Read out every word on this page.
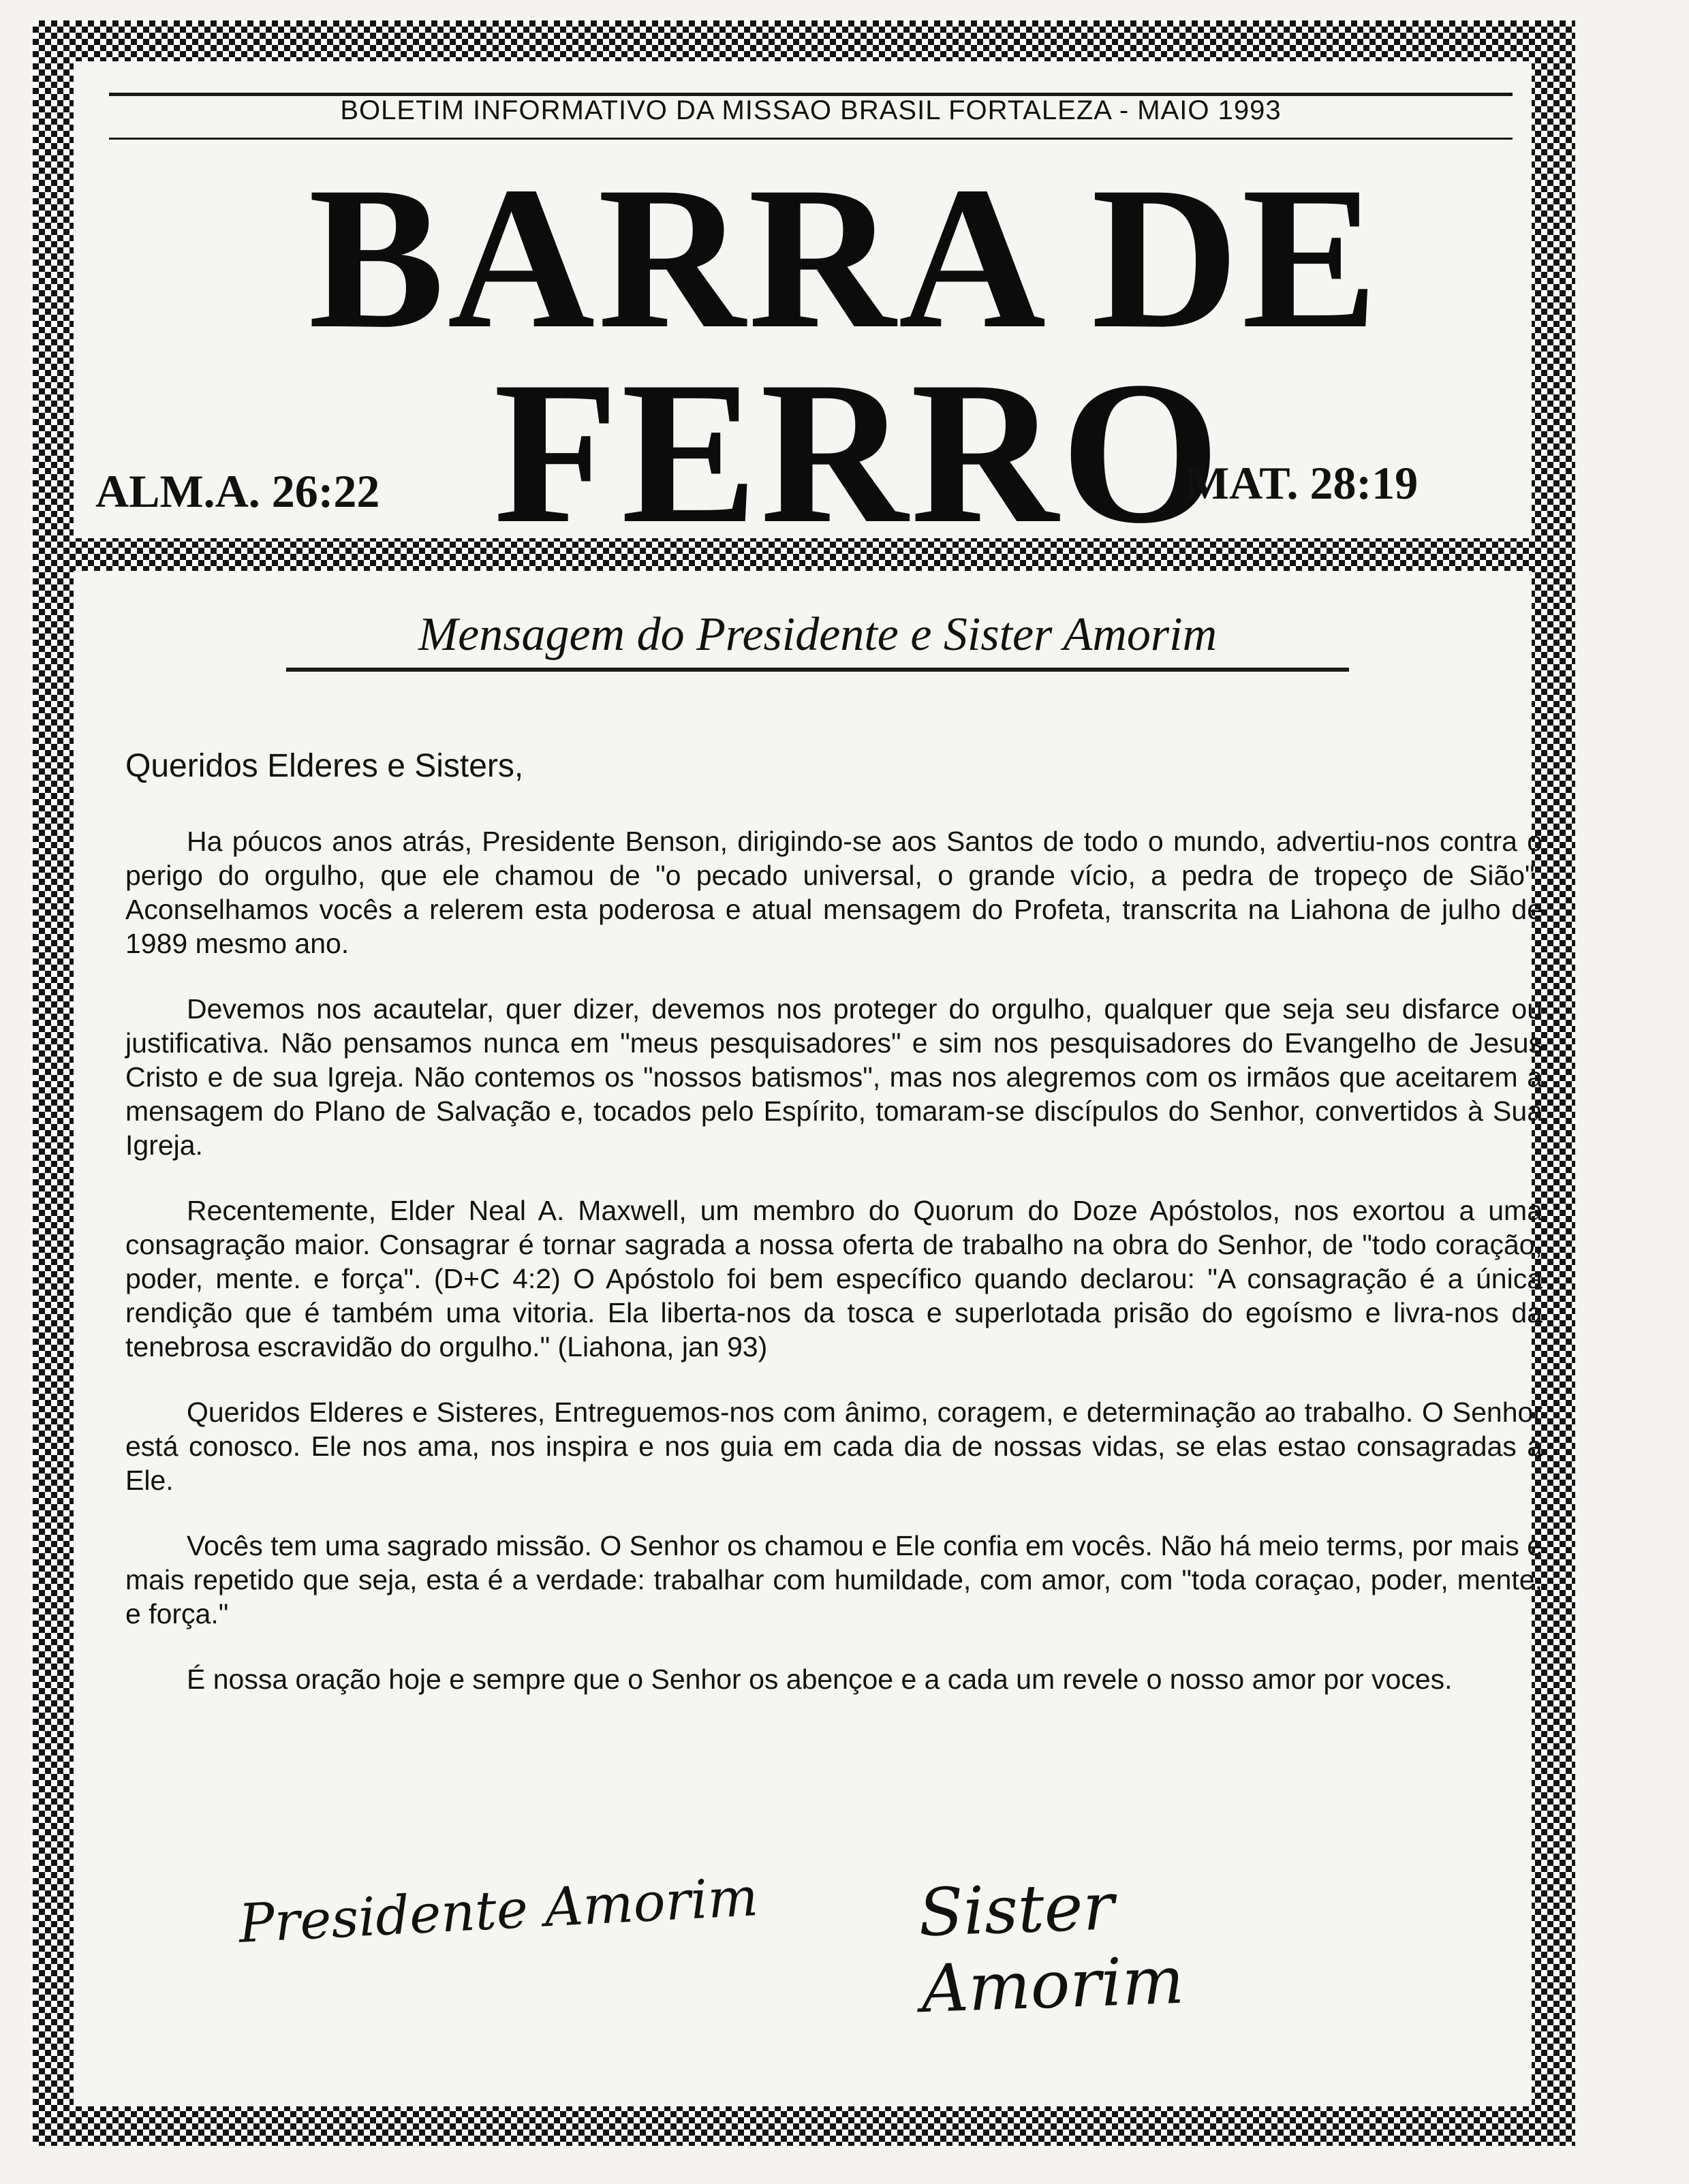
BOLETIM INFORMATIVO DA MISSAO BRASIL FORTALEZA - MAIO 1993
BARRA DE
FERRO
ALM.A. 26:22	MAT. 28:19
Mensagem do Presidente e Sister Amorim
Queridos Elderes e Sisters,

Ha póucos anos atrás, Presidente Benson, dirigindo-se aos Santos de todo o mundo, advertiu-nos contra o perigo do orgulho, que ele chamou de "o pecado universal, o grande vício, a pedra de tropeço de Sião". Aconselhamos vocês a relerem esta poderosa e atual mensagem do Profeta, transcrita na Liahona de julho de 1989 mesmo ano.

Devemos nos acautelar, quer dizer, devemos nos proteger do orgulho, qualquer que seja seu disfarce ou justificativa. Não pensamos nunca em "meus pesquisadores" e sim nos pesquisadores do Evangelho de Jesus Cristo e de sua Igreja. Não contemos os "nossos batismos", mas nos alegremos com os irmãos que aceitarem a mensagem do Plano de Salvação e, tocados pelo Espírito, tomaram-se discípulos do Senhor, convertidos à Sua Igreja.

Recentemente, Elder Neal A. Maxwell, um membro do Quorum do Doze Apóstolos, nos exortou a uma consagração maior. Consagrar é tornar sagrada a nossa oferta de trabalho na obra do Senhor, de "todo coração, poder, mente. e força". (D+C 4:2) O Apóstolo foi bem específico quando declarou: "A consagração é a única rendição que é também uma vitoria. Ela liberta-nos da tosca e superlotada prisão do egoísmo e livra-nos da tenebrosa escravidão do orgulho." (Liahona, jan 93)

Queridos Elderes e Sisteres, Entreguemos-nos com ânimo, coragem, e determinação ao trabalho. O Senhor está conosco. Ele nos ama, nos inspira e nos guia em cada dia de nossas vidas, se elas estao consagradas a Ele.

Vocês tem uma sagrado missão. O Senhor os chamou e Ele confia em vocês. Não há meio terms, por mais e mais repetido que seja, esta é a verdade: trabalhar com humildade, com amor, com "toda coraçao, poder, mente, e força."

É nossa oração hoje e sempre que o Senhor os abençoe e a cada um revele o nosso amor por voces.

Presidente Amorim Sister Amorim
